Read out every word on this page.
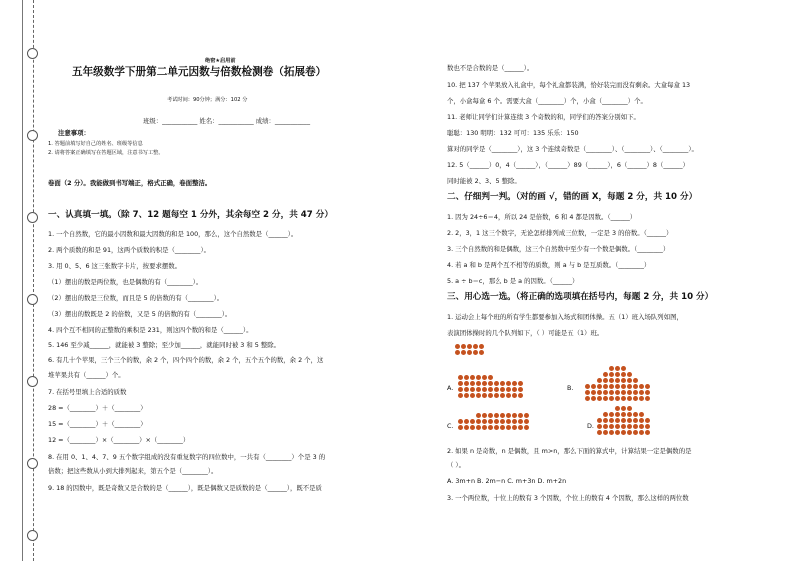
绝密★启用前
五年级数学下册第二单元因数与倍数检测卷（拓展卷）
考试时间：90分钟；满分：102 分
班级：___________ 姓名：___________ 成绩：___________
注意事项：
1. 答题前填写好自己的姓名、班级等信息
2. 请将答案正确填写在答题区域，注意书写工整。
卷面（2 分）。我能做到书写端正，格式正确，卷面整洁。
一、认真填一填。（除 7、12 题每空 1 分外，其余每空 2 分，共 47 分）
1. 一个自然数，它的最小因数和最大因数的和是 100，那么，这个自然数是（______）。
2. 两个质数的和是 91，这两个质数的积是（________）。
3. 用 0、5、6 这三张数字卡片，按要求摆数。
（1）摆出的数是两位数，也是偶数的有（________）。
（2）摆出的数是三位数，而且是 5 的倍数的有（________）。
（3）摆出的数既是 2 的倍数，又是 5 的倍数的有（________）。
4. 四个互不相同的正整数的乘积是 231，则这四个数的和是（______）。
5. 146 至少减______，就能被 3 整除；至少加______，就能同时被 3 和 5 整除。
6. 有几十个苹果，三个三个的数，余 2 个，四个四个的数，余 2 个，五个五个的数，余 2 个，这
堆苹果共有（______）个。
7. 在括号里填上合适的质数
28 =（________）＋（________）
15 =（________）＋（________）
12 =（________）×（________）×（________）
8. 在用 0、1、4、7、9 五个数字组成的没有重复数字的四位数中，一共有（________）个是 3 的
倍数；把这些数从小到大排列起来，第五个是（________）。
9. 18 的因数中，既是奇数又是合数的是（______），既是偶数又是质数的是（______），既不是质
数也不是合数的是（______）。
10. 把 137 个苹果放入礼盒中，每个礼盒都装满，恰好装完而没有剩余。大盒每盒 13
个，小盒每盒 6 个。需要大盒（________）个，小盒（________）个。
11. 老师让同学们计算连续 3 个奇数的和，同学们的答案分别如下。
聪聪：130 明明：132 可可：135 乐乐：150
算对的同学是（________），这 3 个连续奇数是（________）、（________）、（________）。
12. 5（______）0，4（______），（______）89（______），6（______）8（______）
同时能被 2、3、5 整除。
二、仔细判一判。（对的画 √，错的画 X，每题 2 分，共 10 分）
1. 因为 24÷6＝4，所以 24 是倍数，6 和 4 都是因数。（______）
2. 2，3，1 这三个数字，无论怎样排列成三位数，一定是 3 的倍数。（______）
3. 三个自然数的和是偶数，这三个自然数中至少有一个数是偶数。（________）
4. 若 a 和 b 是两个互不相等的质数，则 a 与 b 是互质数。（________）
5. a ÷ b＝c，那么 b 是 a 的因数。（______）
三、用心选一选。（将正确的选项填在括号内，每题 2 分，共 10 分）
1. 运动会上每个班的所有学生都要参加入场式和团体操。五（1）班入场队列如图，
表演团体操时的几个队列如下，（ ）可能是五（1）班。
A.	B.
C.	D.
2. 如果 n 是奇数，n 是偶数，且 m>n，那么下面的算式中，计算结果一定是偶数的是
（ ）。
A. 3m+n B. 2m−n C. m+3n D. m+2n
3. 一个两位数，十位上的数有 3 个因数，个位上的数有 4 个因数，那么这样的两位数
